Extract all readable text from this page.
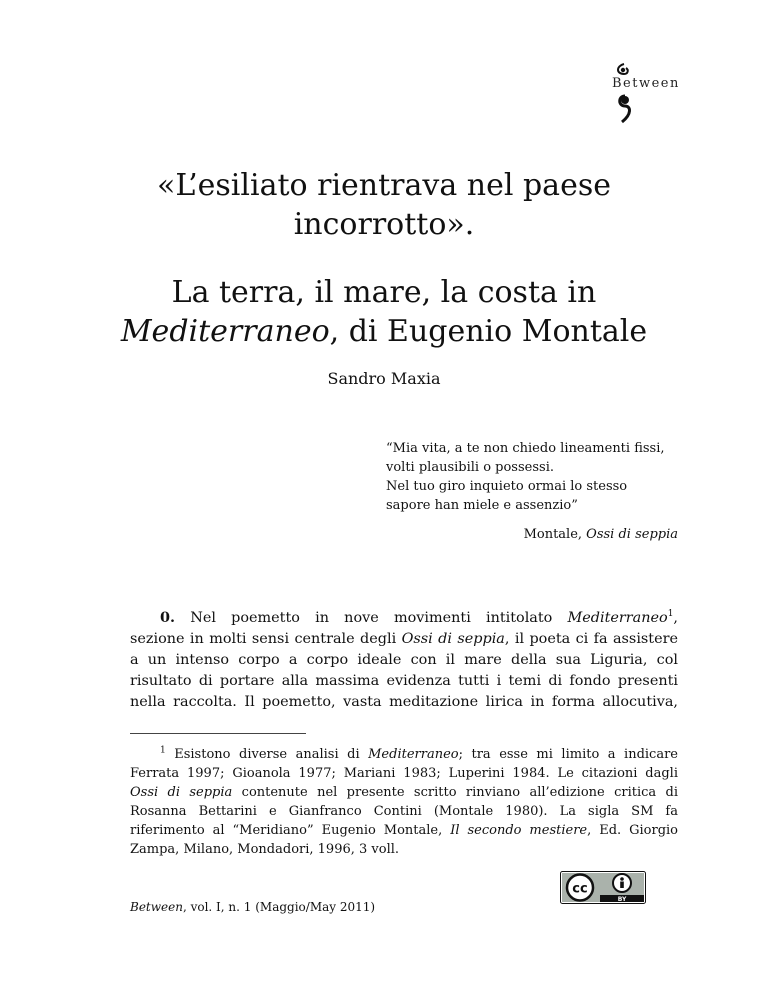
Between
«L’esiliato rientrava nel paese
incorrotto».
La terra, il mare, la costa in
Mediterraneo, di Eugenio Montale
Sandro Maxia
“Mia vita, a te non chiedo lineamenti fissi,
volti plausibili o possessi.
Nel tuo giro inquieto ormai lo stesso
sapore han miele e assenzio”
Montale, Ossi di seppia
0. Nel poemetto in nove movimenti intitolato Mediterraneo$^1$,
sezione in molti sensi centrale degli Ossi di seppia, il poeta ci fa assistere
a un intenso corpo a corpo ideale con il mare della sua Liguria, col
risultato di portare alla massima evidenza tutti i temi di fondo presenti
nella raccolta. Il poemetto, vasta meditazione lirica in forma allocutiva,
$^1$ Esistono diverse analisi di Mediterraneo; tra esse mi limito a indicare
Ferrata 1997; Gioanola 1977; Mariani 1983; Luperini 1984. Le citazioni dagli
Ossi di seppia contenute nel presente scritto rinviano all’edizione critica di
Rosanna Bettarini e Gianfranco Contini (Montale 1980). La sigla SM fa
riferimento al “Meridiano” Eugenio Montale, Il secondo mestiere, Ed. Giorgio
Zampa, Milano, Mondadori, 1996, 3 voll.
Between, vol. I, n. 1 (Maggio/May 2011)
cc
BY
